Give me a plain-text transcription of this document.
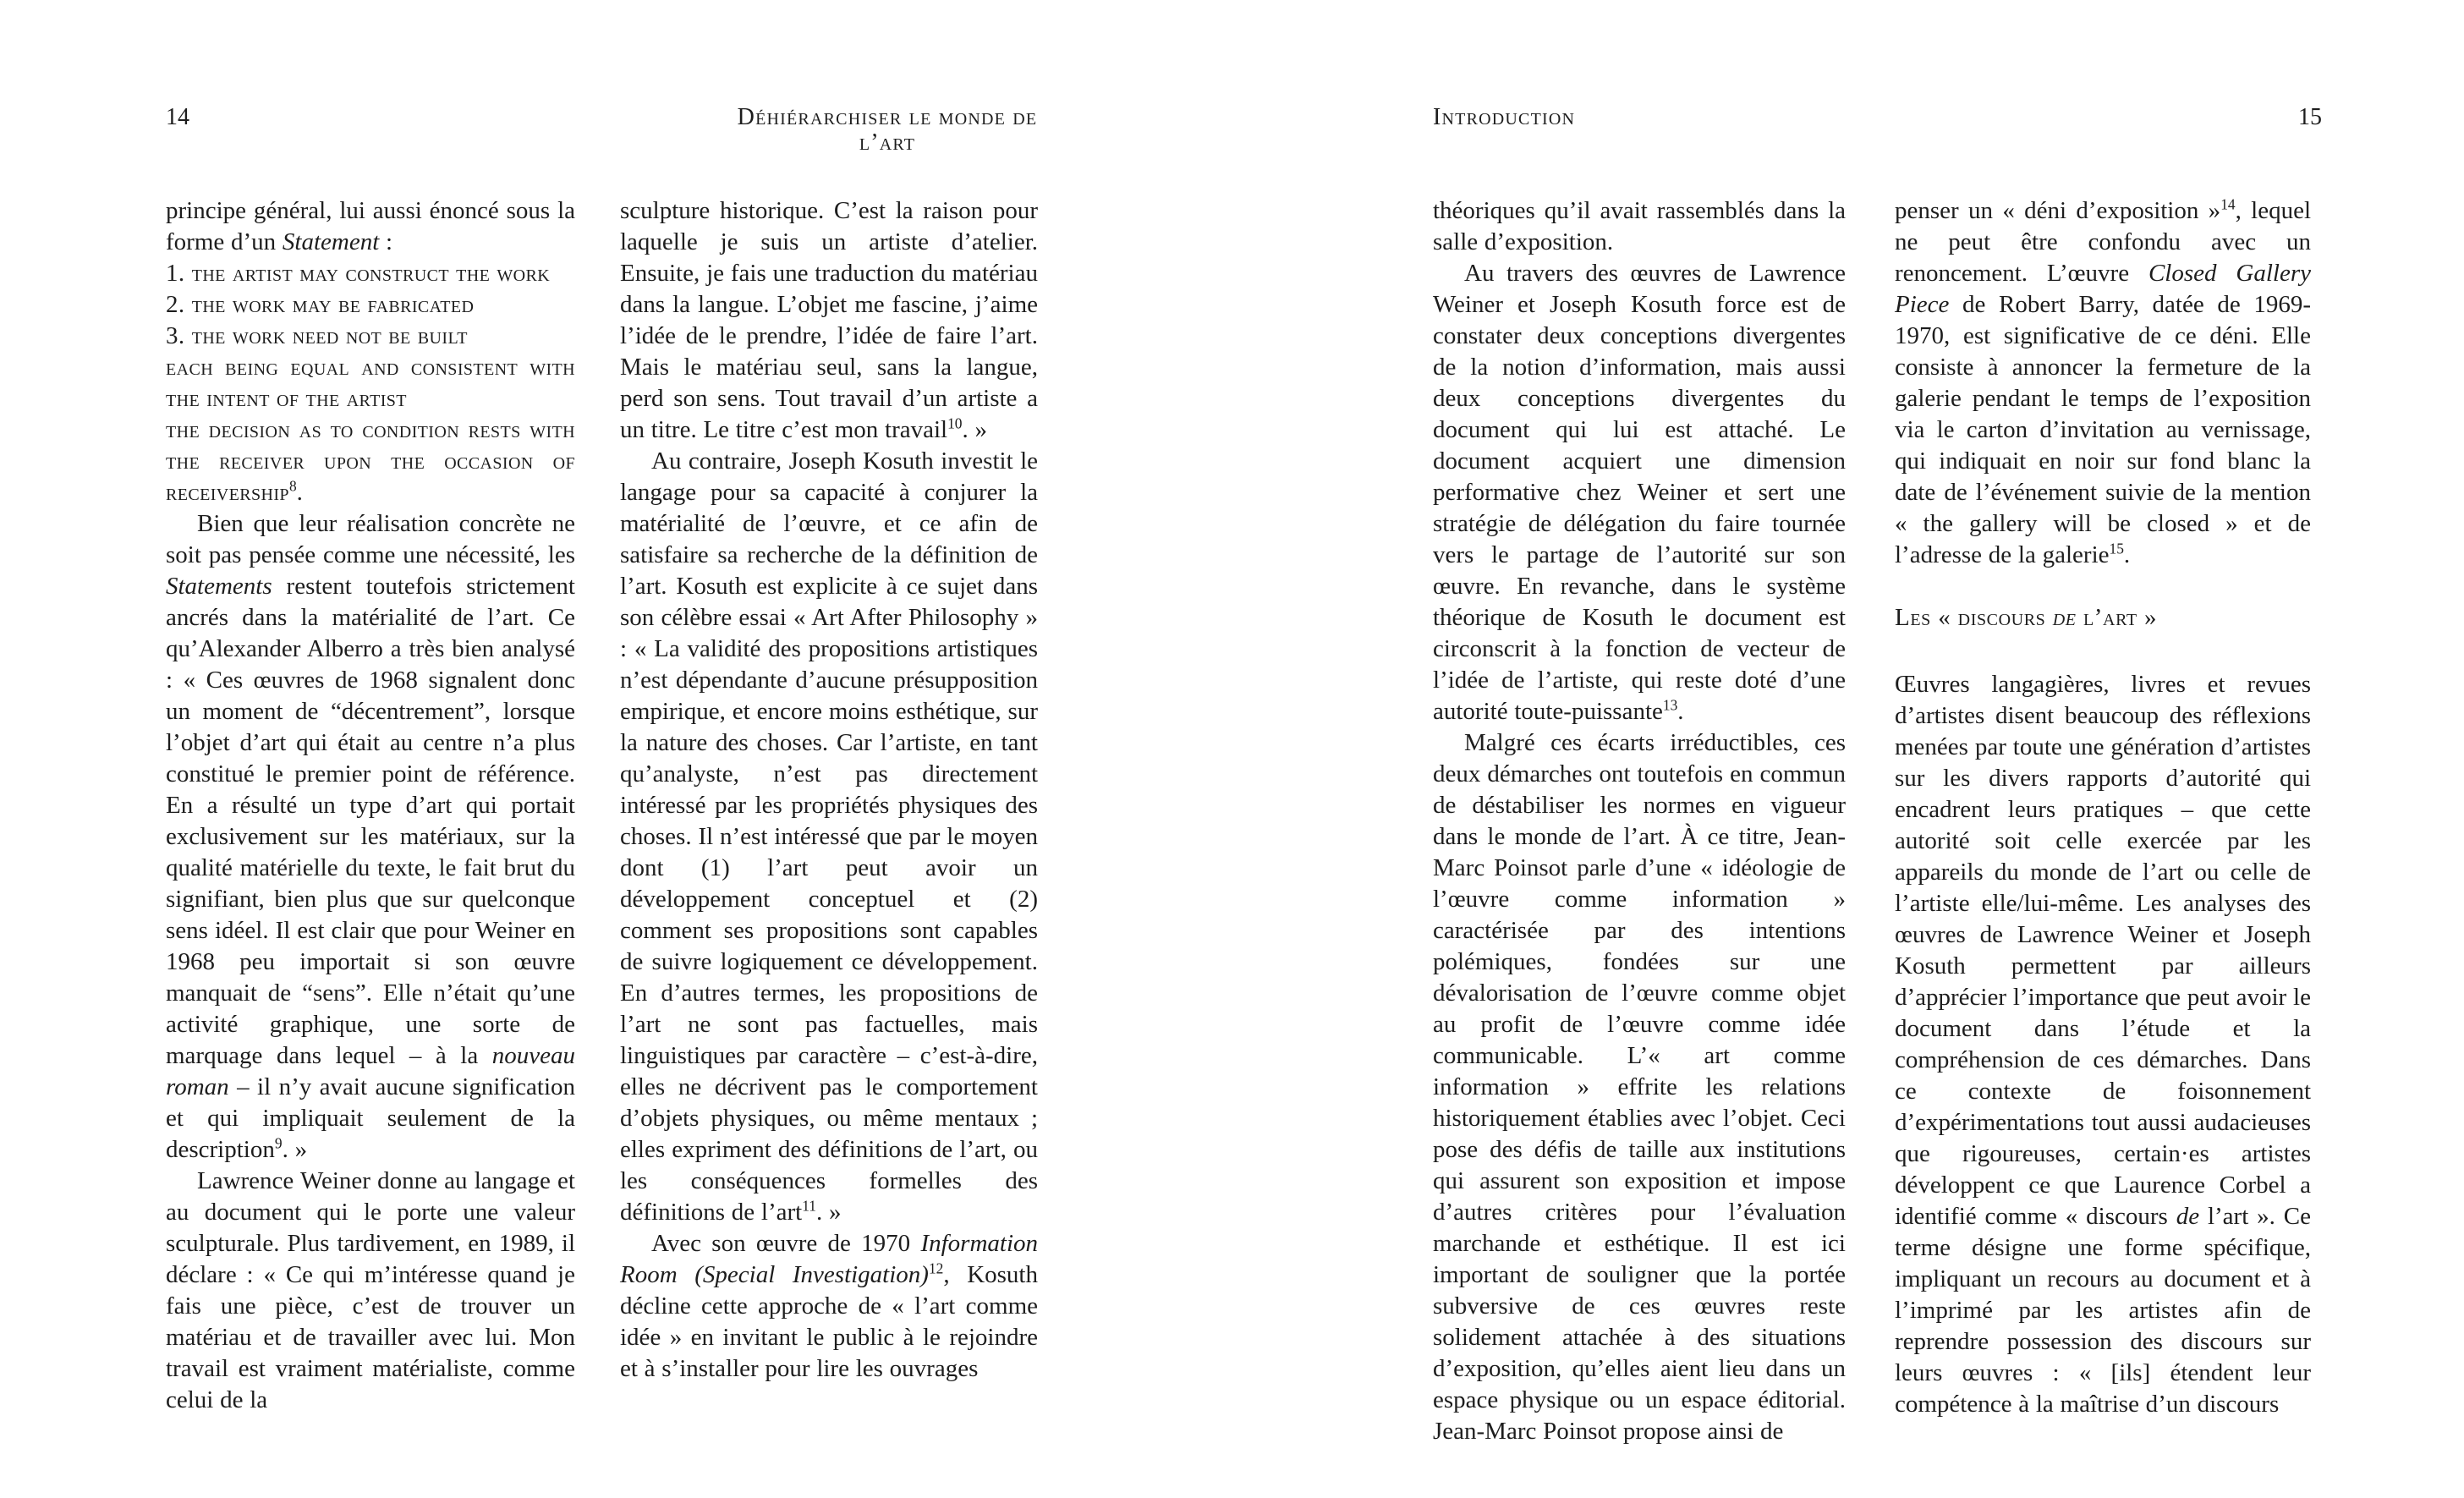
14	Déhiérarchiser le monde de l’art
Introduction	15

principe général, lui aussi énoncé sous la forme d’un Statement :

1. the artist may construct the work

2. the work may be fabricated

3. the work need not be built

each being equal and consistent with the intent of the artist

the decision as to condition rests with the receiver upon the occasion of receivership$^8$.

Bien que leur réalisation concrète ne soit pas pensée comme une nécessité, les Statements restent toutefois strictement ancrés dans la matérialité de l’art. Ce qu’Alexander Alberro a très bien analysé : « Ces œuvres de 1968 signalent donc un moment de “décentrement”, lorsque l’objet d’art qui était au centre n’a plus constitué le premier point de référence. En a résulté un type d’art qui portait exclusivement sur les matériaux, sur la qualité matérielle du texte, le fait brut du signifiant, bien plus que sur quelconque sens idéel. Il est clair que pour Weiner en 1968 peu importait si son œuvre manquait de “sens”. Elle n’était qu’une activité graphique, une sorte de marquage dans lequel – à la nouveau roman – il n’y avait aucune signification et qui impliquait seulement de la description$^9$. »

Lawrence Weiner donne au langage et au document qui le porte une valeur sculpturale. Plus tardivement, en 1989, il déclare : « Ce qui m’intéresse quand je fais une pièce, c’est de trouver un matériau et de travailler avec lui. Mon travail est vraiment matérialiste, comme celui de la

sculpture historique. C’est la raison pour laquelle je suis un artiste d’atelier. Ensuite, je fais une traduction du matériau dans la langue. L’objet me fascine, j’aime l’idée de le prendre, l’idée de faire l’art. Mais le matériau seul, sans la langue, perd son sens. Tout travail d’un artiste a un titre. Le titre c’est mon travail$^{10}$. »

Au contraire, Joseph Kosuth investit le langage pour sa capacité à conjurer la matérialité de l’œuvre, et ce afin de satisfaire sa recherche de la définition de l’art. Kosuth est explicite à ce sujet dans son célèbre essai « Art After Philosophy » : « La validité des propositions artistiques n’est dépendante d’aucune présupposition empirique, et encore moins esthétique, sur la nature des choses. Car l’artiste, en tant qu’analyste, n’est pas directement intéressé par les propriétés physiques des choses. Il n’est intéressé que par le moyen dont (1) l’art peut avoir un développement conceptuel et (2) comment ses propositions sont capables de suivre logiquement ce développement. En d’autres termes, les propositions de l’art ne sont pas factuelles, mais linguistiques par caractère – c’est-à-dire, elles ne décrivent pas le comportement d’objets physiques, ou même mentaux ; elles expriment des définitions de l’art, ou les conséquences formelles des définitions de l’art$^{11}$. »

Avec son œuvre de 1970 Information Room (Special Investigation)$^{12}$, Kosuth décline cette approche de « l’art comme idée » en invitant le public à le rejoindre et à s’installer pour lire les ouvrages

théoriques qu’il avait rassemblés dans la salle d’exposition.

Au travers des œuvres de Lawrence Weiner et Joseph Kosuth force est de constater deux conceptions divergentes de la notion d’information, mais aussi deux conceptions divergentes du document qui lui est attaché. Le document acquiert une dimension performative chez Weiner et sert une stratégie de délégation du faire tournée vers le partage de l’autorité sur son œuvre. En revanche, dans le système théorique de Kosuth le document est circonscrit à la fonction de vecteur de l’idée de l’artiste, qui reste doté d’une autorité toute-puissante$^{13}$.

Malgré ces écarts irréductibles, ces deux démarches ont toutefois en commun de déstabiliser les normes en vigueur dans le monde de l’art. À ce titre, Jean-Marc Poinsot parle d’une « idéologie de l’œuvre comme information » caractérisée par des intentions polémiques, fondées sur une dévalorisation de l’œuvre comme objet au profit de l’œuvre comme idée communicable. L’« art comme information » effrite les relations historiquement établies avec l’objet. Ceci pose des défis de taille aux institutions qui assurent son exposition et impose d’autres critères pour l’évaluation marchande et esthétique. Il est ici important de souligner que la portée subversive de ces œuvres reste solidement attachée à des situations d’exposition, qu’elles aient lieu dans un espace physique ou un espace éditorial. Jean-Marc Poinsot propose ainsi de

penser un « déni d’exposition »$^{14}$, lequel ne peut être confondu avec un renoncement. L’œuvre Closed Gallery Piece de Robert Barry, datée de 1969-1970, est significative de ce déni. Elle consiste à annoncer la fermeture de la galerie pendant le temps de l’exposition via le carton d’invitation au vernissage, qui indiquait en noir sur fond blanc la date de l’événement suivie de la mention « the gallery will be closed » et de l’adresse de la galerie$^{15}$.

Les « discours de l’art »

Œuvres langagières, livres et revues d’artistes disent beaucoup des réflexions menées par toute une génération d’artistes sur les divers rapports d’autorité qui encadrent leurs pratiques – que cette autorité soit celle exercée par les appareils du monde de l’art ou celle de l’artiste elle/lui-même. Les analyses des œuvres de Lawrence Weiner et Joseph Kosuth permettent par ailleurs d’apprécier l’importance que peut avoir le document dans l’étude et la compréhension de ces démarches. Dans ce contexte de foisonnement d’expérimentations tout aussi audacieuses que rigoureuses, certain·es artistes développent ce que Laurence Corbel a identifié comme « discours de l’art ». Ce terme désigne une forme spécifique, impliquant un recours au document et à l’imprimé par les artistes afin de reprendre possession des discours sur leurs œuvres : « [ils] étendent leur compétence à la maîtrise d’un discours
